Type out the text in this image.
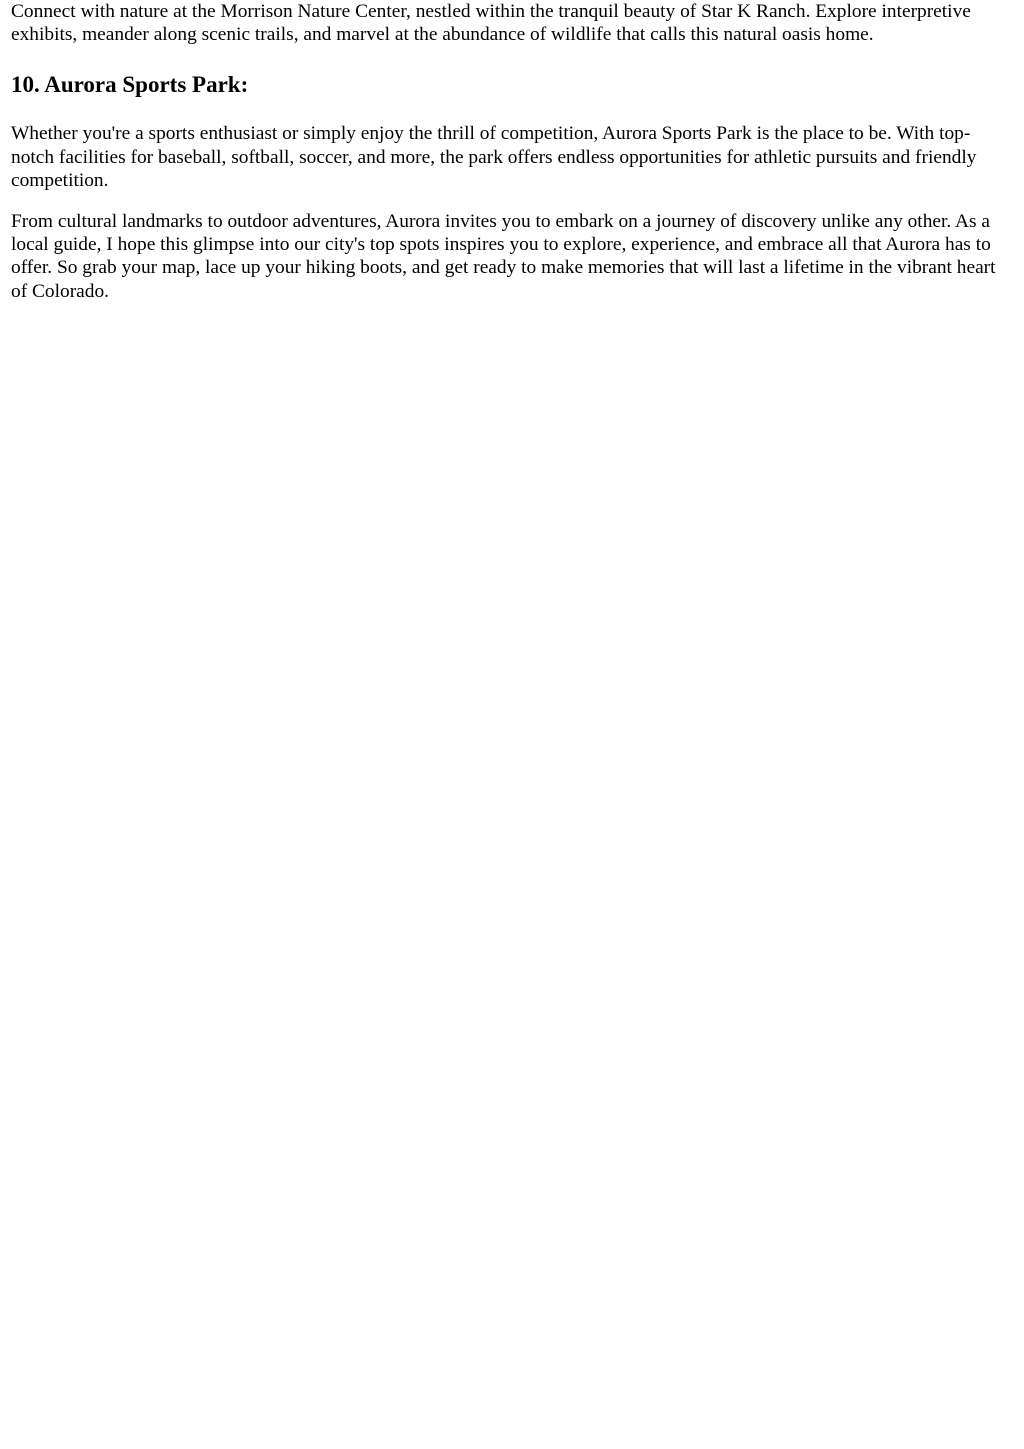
Connect with nature at the Morrison Nature Center, nestled within the tranquil beauty of Star K Ranch. Explore interpretive exhibits, meander along scenic trails, and marvel at the abundance of wildlife that calls this natural oasis home.

10. Aurora Sports Park:

Whether you're a sports enthusiast or simply enjoy the thrill of competition, Aurora Sports Park is the place to be. With top-notch facilities for baseball, softball, soccer, and more, the park offers endless opportunities for athletic pursuits and friendly competition.

From cultural landmarks to outdoor adventures, Aurora invites you to embark on a journey of discovery unlike any other. As a local guide, I hope this glimpse into our city's top spots inspires you to explore, experience, and embrace all that Aurora has to offer. So grab your map, lace up your hiking boots, and get ready to make memories that will last a lifetime in the vibrant heart of Colorado.
